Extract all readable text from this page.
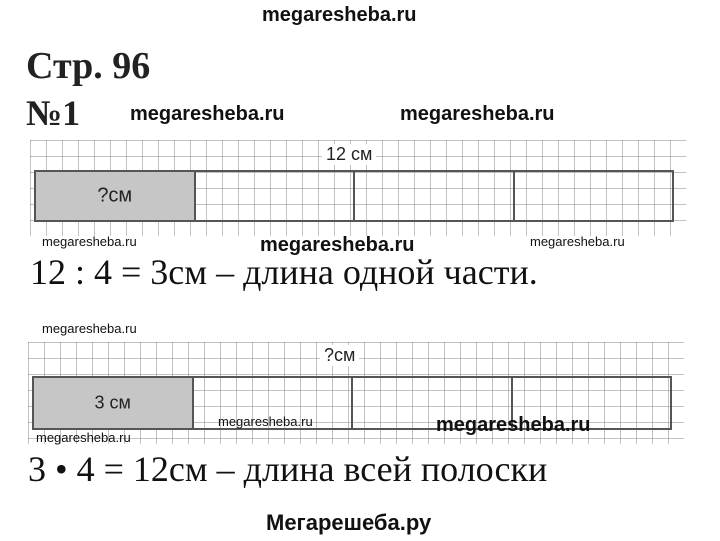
megaresheba.ru
Стр. 96
№1 megaresheba.ru	megaresheba.ru
12 см
?см
megaresheba.ru	megaresheba.ru	megaresheba.ru
12 : 4 = 3см – длина одной части.
megaresheba.ru
?см
3 см
megaresheba.ru	megaresheba.ru
megaresheba.ru
3 • 4 = 12см – длина всей полоски
Мегарешеба.ру
